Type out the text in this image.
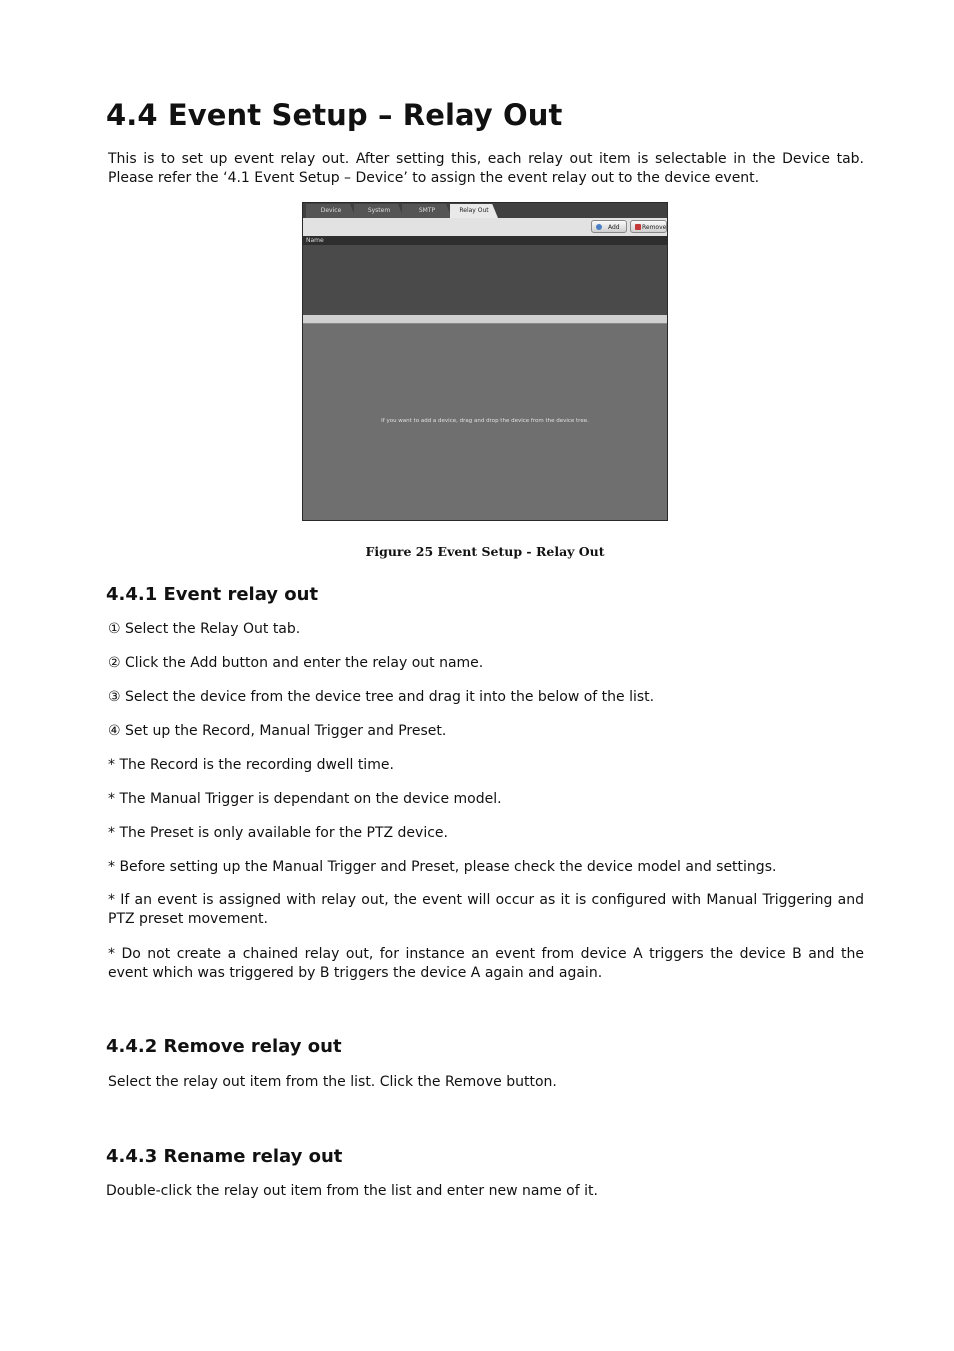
4.4 Event Setup – Relay Out

This is to set up event relay out. After setting this, each relay out item is selectable in the Device tab. Please refer the ‘4.1 Event Setup – Device’ to assign the event relay out to the device event.

Device	System	SMTP	Relay Out
Add	Remove
Name
If you want to add a device, drag and drop the device from the device tree.
Figure 25 Event Setup - Relay Out
4.4.1 Event relay out

① Select the Relay Out tab.

② Click the Add button and enter the relay out name.

③ Select the device from the device tree and drag it into the below of the list.

④ Set up the Record, Manual Trigger and Preset.

* The Record is the recording dwell time.

* The Manual Trigger is dependant on the device model.

* The Preset is only available for the PTZ device.

* Before setting up the Manual Trigger and Preset, please check the device model and settings.

* If an event is assigned with relay out, the event will occur as it is configured with Manual Triggering and PTZ preset movement.

* Do not create a chained relay out, for instance an event from device A triggers the device B and the event which was triggered by B triggers the device A again and again.

4.4.2 Remove relay out

Select the relay out item from the list. Click the Remove button.

4.4.3 Rename relay out

Double-click the relay out item from the list and enter new name of it.
